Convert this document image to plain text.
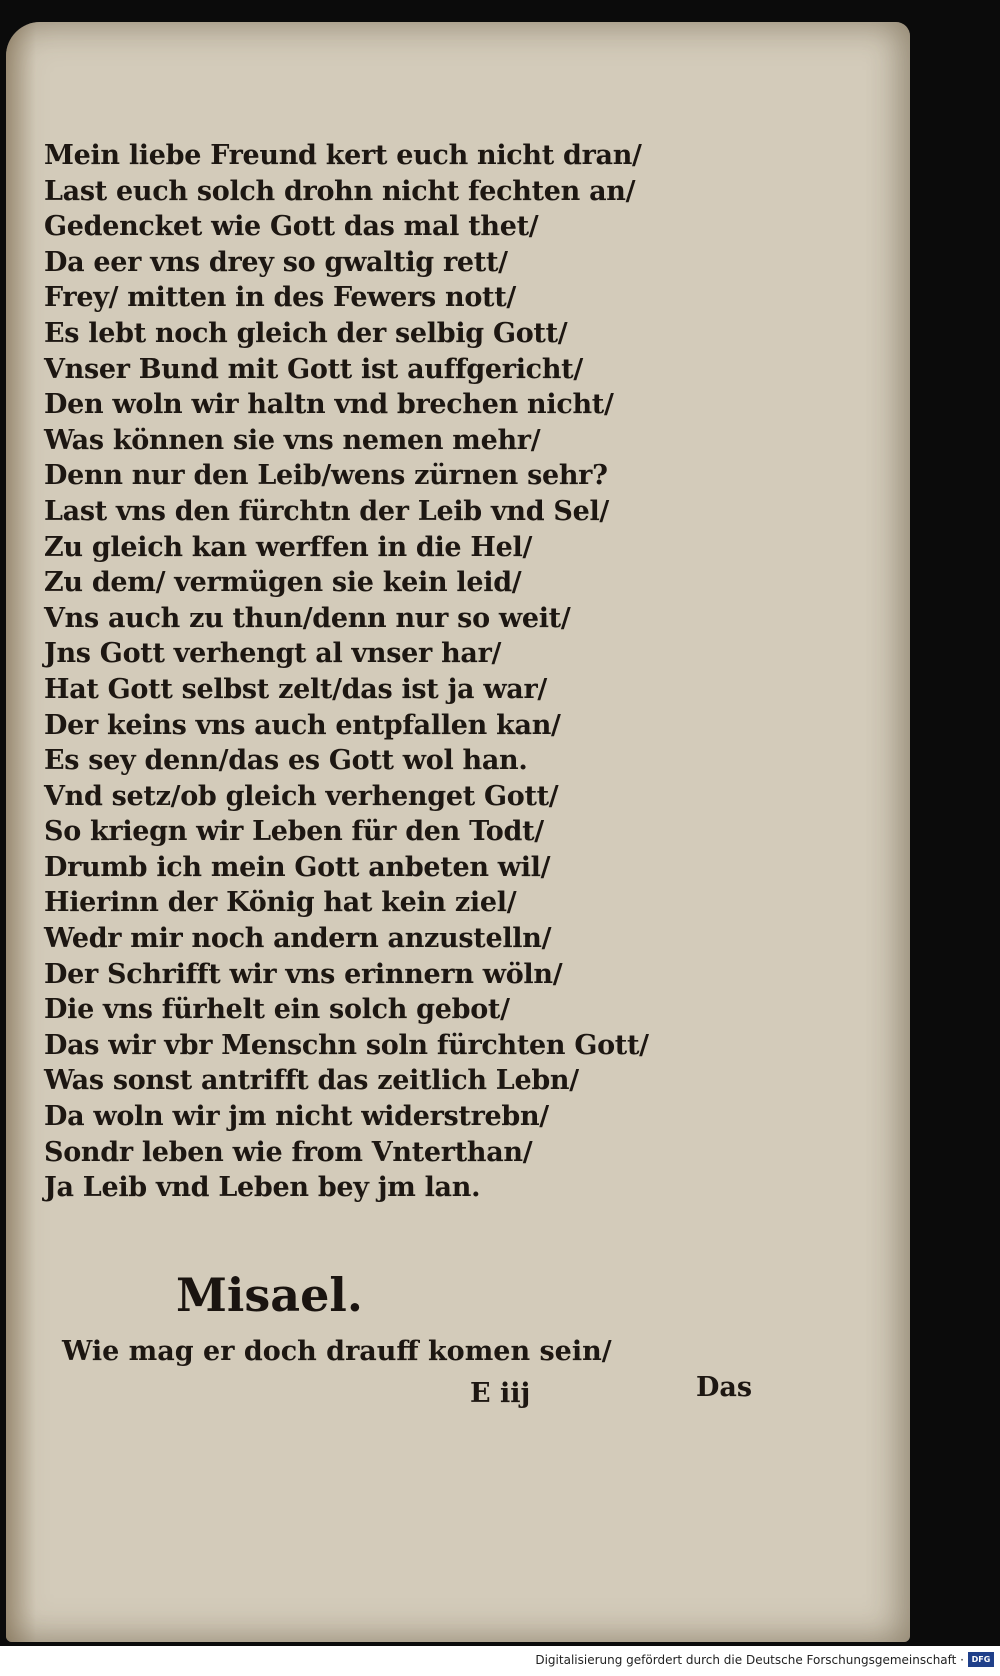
Mein liebe Freund kert euch nicht dran/
Last euch solch drohn nicht fechten an/
Gedencket wie Gott das mal thet/
Da eer vns drey so gwaltig rett/
Frey/ mitten in des Fewers nott/
Es lebt noch gleich der selbig Gott/
Vnser Bund mit Gott ist auffgericht/
Den woln wir haltn vnd brechen nicht/
Was können sie vns nemen mehr/
Denn nur den Leib/wens zürnen sehr?
Last vns den fürchtn der Leib vnd Sel/
Zu gleich kan werffen in die Hel/
Zu dem/ vermügen sie kein leid/
Vns auch zu thun/denn nur so weit/
Jns Gott verhengt al vnser har/
Hat Gott selbst zelt/das ist ja war/
Der keins vns auch entpfallen kan/
Es sey denn/das es Gott wol han.
Vnd setz/ob gleich verhenget Gott/
So kriegn wir Leben für den Todt/
Drumb ich mein Gott anbeten wil/
Hierinn der König hat kein ziel/
Wedr mir noch andern anzustelln/
Der Schrifft wir vns erinnern wöln/
Die vns fürhelt ein solch gebot/
Das wir vbr Menschn soln fürchten Gott/
Was sonst antrifft das zeitlich Lebn/
Da woln wir jm nicht widerstrebn/
Sondr leben wie from Vnterthan/
Ja Leib vnd Leben bey jm lan.
Misael.
Wie mag er doch drauff komen sein/
E iij	Das
Digitalisierung gefördert durch die Deutsche Forschungsgemeinschaft · DFG
